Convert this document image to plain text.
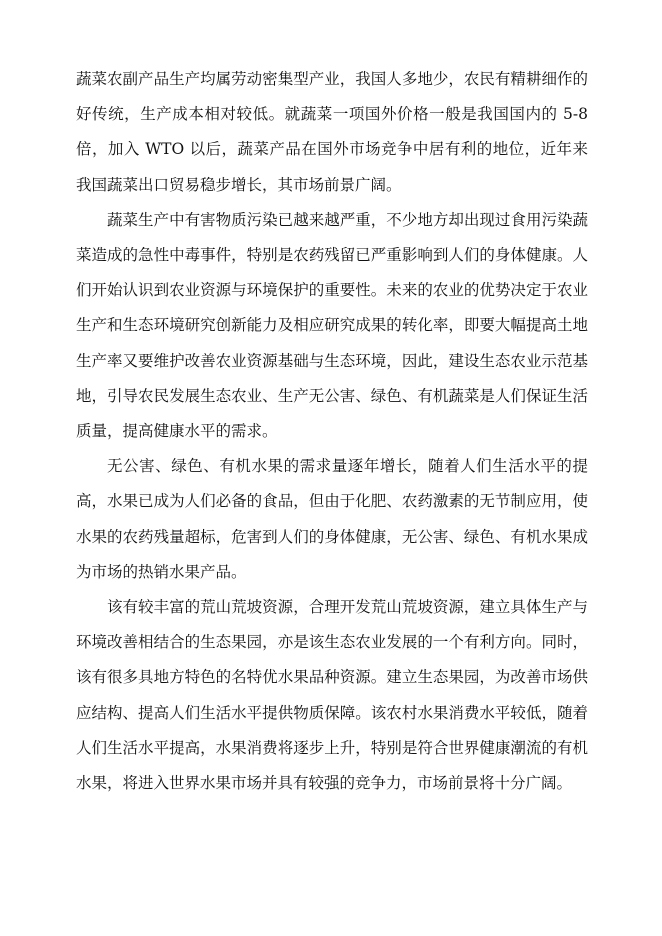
蔬菜农副产品生产均属劳动密集型产业，我国人多地少，农民有精耕细作的好传统，生产成本相对较低。就蔬菜一项国外价格一般是我国国内的 5-8 倍，加入 WTO 以后，蔬菜产品在国外市场竞争中居有利的地位，近年来我国蔬菜出口贸易稳步增长，其市场前景广阔。

蔬菜生产中有害物质污染已越来越严重，不少地方却出现过食用污染蔬菜造成的急性中毒事件，特别是农药残留已严重影响到人们的身体健康。人们开始认识到农业资源与环境保护的重要性。未来的农业的优势决定于农业生产和生态环境研究创新能力及相应研究成果的转化率，即要大幅提高土地生产率又要维护改善农业资源基础与生态环境，因此，建设生态农业示范基地，引导农民发展生态农业、生产无公害、绿色、有机蔬菜是人们保证生活质量，提高健康水平的需求。

无公害、绿色、有机水果的需求量逐年增长，随着人们生活水平的提高，水果已成为人们必备的食品，但由于化肥、农药激素的无节制应用，使水果的农药残量超标，危害到人们的身体健康，无公害、绿色、有机水果成为市场的热销水果产品。

该有较丰富的荒山荒坡资源，合理开发荒山荒坡资源，建立具体生产与环境改善相结合的生态果园，亦是该生态农业发展的一个有利方向。同时，该有很多具地方特色的名特优水果品种资源。建立生态果园，为改善市场供应结构、提高人们生活水平提供物质保障。该农村水果消费水平较低，随着人们生活水平提高，水果消费将逐步上升，特别是符合世界健康潮流的有机水果，将进入世界水果市场并具有较强的竞争力，市场前景将十分广阔。
